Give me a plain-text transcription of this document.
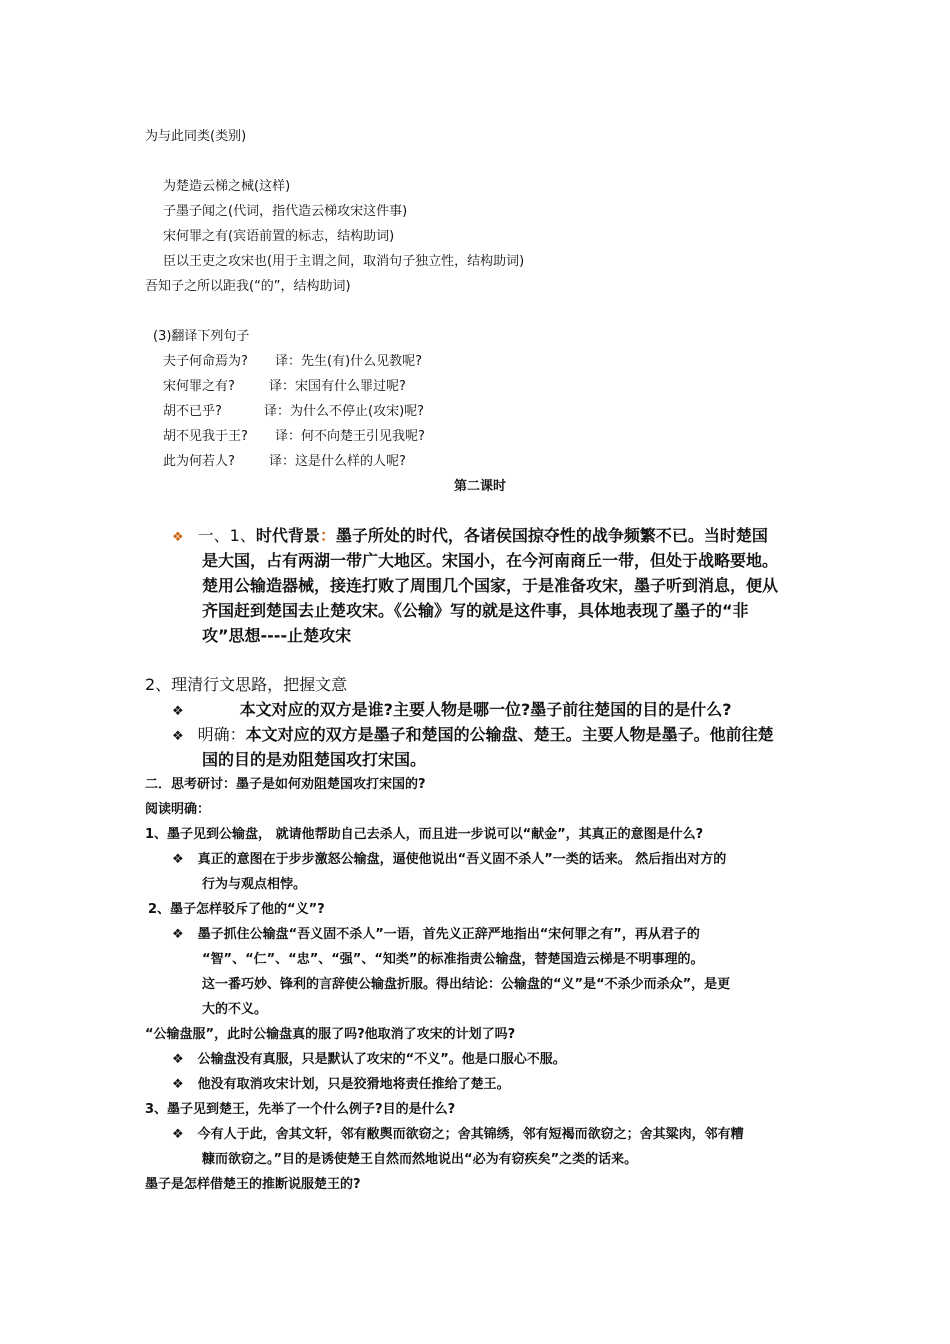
为与此同类(类别)
为楚造云梯之械(这样)
子墨子闻之(代词，指代造云梯攻宋这件事)
宋何罪之有(宾语前置的标志，结构助词)
臣以王吏之攻宋也(用于主谓之间，取消句子独立性，结构助词)
吾知子之所以距我(“的”，结构助词)
(3)翻译下列句子
夫子何命焉为? 译：先生(有)什么见教呢?
宋何罪之有?	译：宋国有什么罪过呢?
胡不已乎?	译：为什么不停止(攻宋)呢?
胡不见我于王? 译：何不向楚王引见我呢?
此为何若人?	译：这是什么样的人呢?
第二课时
❖ 一、1、时代背景：墨子所处的时代，各诸侯国掠夺性的战争频繁不已。当时楚国
是大国，占有两湖一带广大地区。宋国小，在今河南商丘一带，但处于战略要地。
楚用公输造器械，接连打败了周围几个国家，于是准备攻宋，墨子听到消息，便从
齐国赶到楚国去止楚攻宋。《公输》写的就是这件事，具体地表现了墨子的“非
攻”思想----止楚攻宋
2、理清行文思路，把握文意
❖	本文对应的双方是谁?主要人物是哪一位?墨子前往楚国的目的是什么?
❖ 明确：本文对应的双方是墨子和楚国的公输盘、楚王。主要人物是墨子。他前往楚
国的目的是劝阻楚国攻打宋国。
二．思考研讨：墨子是如何劝阻楚国攻打宋国的?
阅读明确：
1、墨子见到公输盘， 就请他帮助自己去杀人，而且进一步说可以“献金”，其真正的意图是什么?
❖ 真正的意图在于步步激怒公输盘，逼使他说出“吾义固不杀人”一类的话来。 然后指出对方的
行为与观点相悖。
2、墨子怎样驳斥了他的“义”?
❖ 墨子抓住公输盘“吾义固不杀人”一语，首先义正辞严地指出“宋何罪之有”，再从君子的
“智”、“仁”、“忠”、“强”、“知类”的标准指责公输盘，替楚国造云梯是不明事理的。
这一番巧妙、锋利的言辞使公输盘折服。得出结论：公输盘的“义”是“不杀少而杀众”，是更
大的不义。
“公输盘服”，此时公输盘真的服了吗?他取消了攻宋的计划了吗?
❖ 公输盘没有真服，只是默认了攻宋的“不义”。他是口服心不服。
❖ 他没有取消攻宋计划，只是狡猾地将责任推给了楚王。
3、墨子见到楚王，先举了一个什么例子?目的是什么?
❖ 今有人于此，舍其文轩，邻有敝舆而欲窃之；舍其锦绣，邻有短褐而欲窃之；舍其粱肉，邻有糟
糠而欲窃之。”目的是诱使楚王自然而然地说出“必为有窃疾矣”之类的话来。
墨子是怎样借楚王的推断说服楚王的?
